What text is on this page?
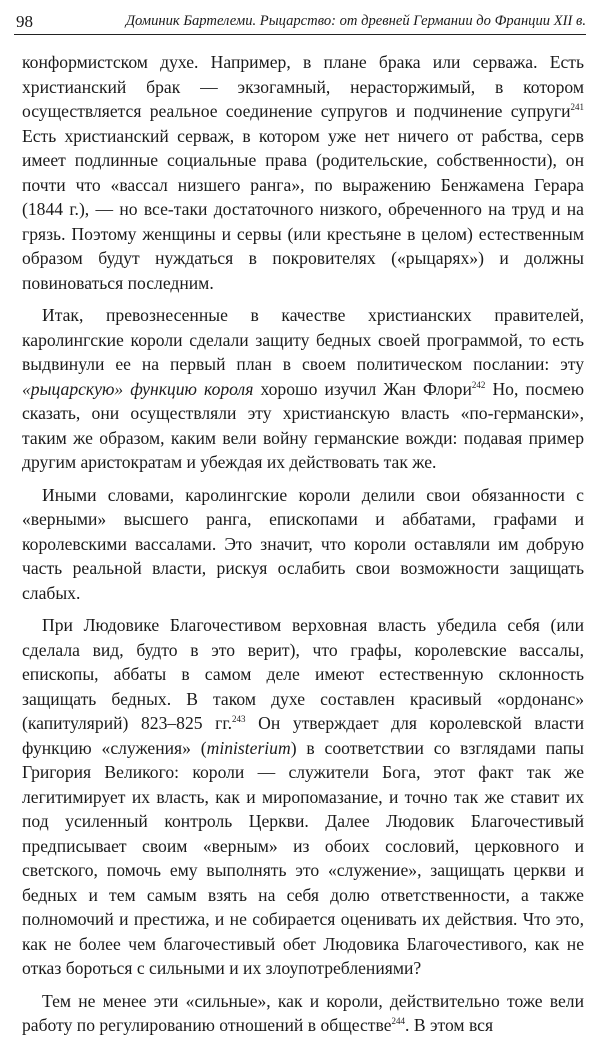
98	Доминик Бартелеми. Рыцарство: от древней Германии до Франции XII в.

конформистском духе. Например, в плане брака или серважа. Есть христианский брак — экзогамный, нерасторжимый, в котором осуществляется реальное соединение супругов и подчинение супруги$^{241}$ Есть христианский серваж, в котором уже нет ничего от рабства, серв имеет подлинные социальные права (родительские, собственности), он почти что «вассал низшего ранга», по выражению Бенжамена Герара (1844 г.), — но все-таки достаточного низкого, обреченного на труд и на грязь. Поэтому женщины и сервы (или крестьяне в целом) естественным образом будут нуждаться в покровителях («рыцарях») и должны повиноваться последним.

Итак, превознесенные в качестве христианских правителей, каролингские короли сделали защиту бедных своей программой, то есть выдвинули ее на первый план в своем политическом послании: эту «рыцарскую» функцию короля хорошо изучил Жан Флори$^{242}$ Но, посмею сказать, они осуществляли эту христианскую власть «по-германски», таким же образом, каким вели войну германские вожди: подавая пример другим аристократам и убеждая их действовать так же.

Иными словами, каролингские короли делили свои обязанности с «верными» высшего ранга, епископами и аббатами, графами и королевскими вассалами. Это значит, что короли оставляли им добрую часть реальной власти, рискуя ослабить свои возможности защищать слабых.

При Людовике Благочестивом верховная власть убедила себя (или сделала вид, будто в это верит), что графы, королевские вассалы, епископы, аббаты в самом деле имеют естественную склонность защищать бедных. В таком духе составлен красивый «ордонанс» (капитулярий) 823–825 гг.$^{243}$ Он утверждает для королевской власти функцию «служения» (ministerium) в соответствии со взглядами папы Григория Великого: короли — служители Бога, этот факт так же легитимирует их власть, как и миропомазание, и точно так же ставит их под усиленный контроль Церкви. Далее Людовик Благочестивый предписывает своим «верным» из обоих сословий, церковного и светского, помочь ему выполнять это «служение», защищать церкви и бедных и тем самым взять на себя долю ответственности, а также полномочий и престижа, и не собирается оценивать их действия. Что это, как не более чем благочестивый обет Людовика Благочестивого, как не отказ бороться с сильными и их злоупотреблениями?

Тем не менее эти «сильные», как и короли, действительно тоже вели работу по регулированию отношений в обществе$^{244}$. В этом вся
